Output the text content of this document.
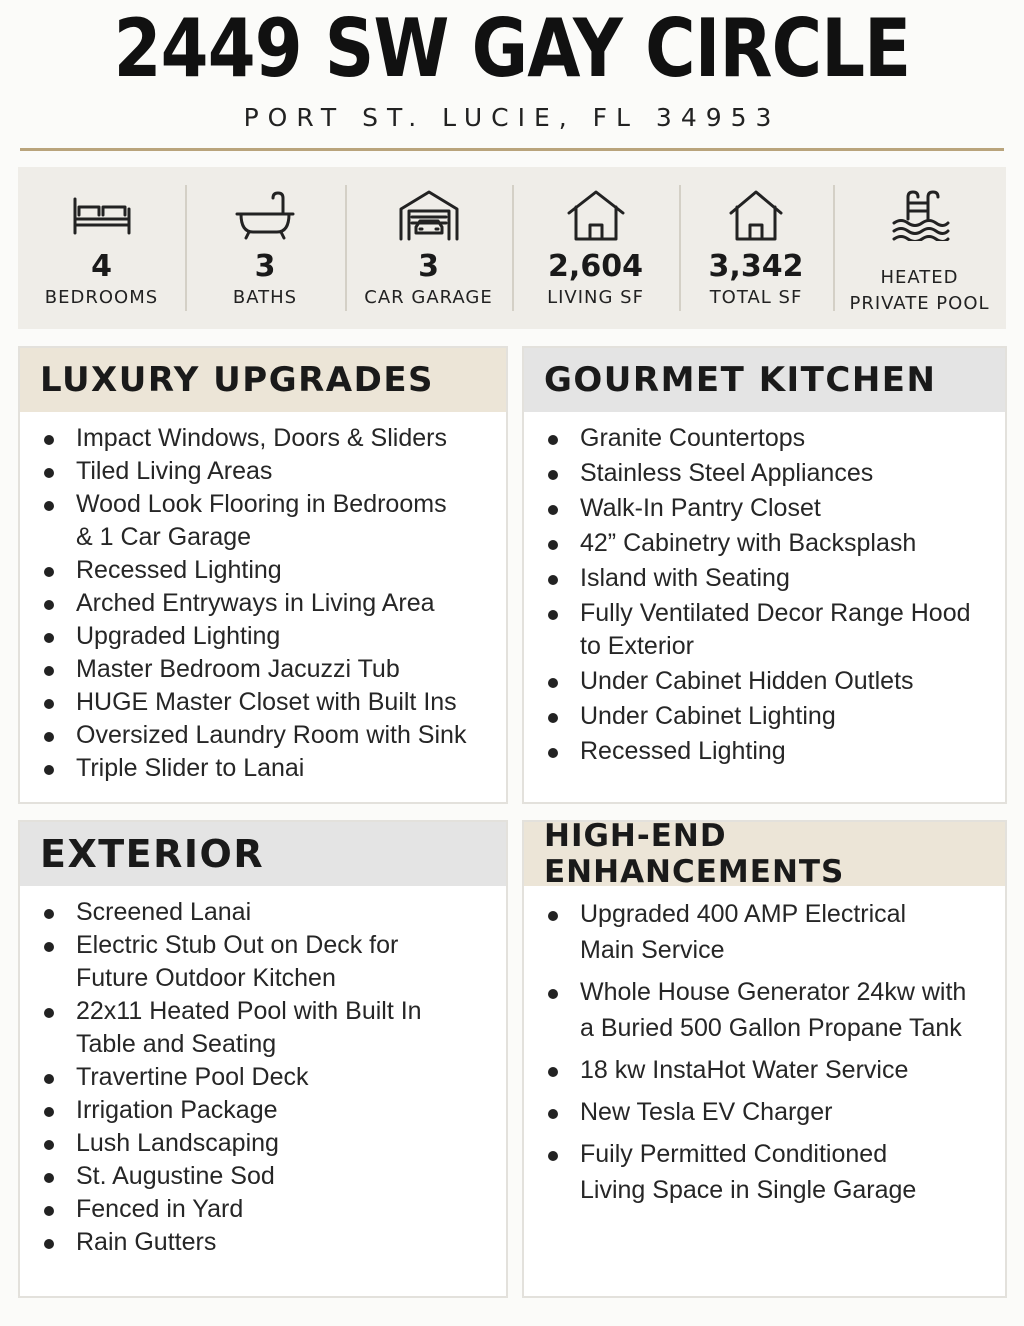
2449 SW GAY CIRCLE
PORT ST. LUCIE, FL 34953
4
BEDROOMS
3
BATHS
3
CAR GARAGE
2,604
LIVING SF
3,342
TOTAL SF
HEATED
PRIVATE POOL
LUXURY UPGRADES
Impact Windows, Doors & Sliders
Tiled Living Areas
Wood Look Flooring in Bedrooms & 1 Car Garage
Recessed Lighting
Arched Entryways in Living Area
Upgraded Lighting
Master Bedroom Jacuzzi Tub
HUGE Master Closet with Built Ins
Oversized Laundry Room with Sink
Triple Slider to Lanai
GOURMET KITCHEN
Granite Countertops
Stainless Steel Appliances
Walk-In Pantry Closet
42” Cabinetry with Backsplash
Island with Seating
Fully Ventilated Decor Range Hood to Exterior
Under Cabinet Hidden Outlets
Under Cabinet Lighting
Recessed Lighting
EXTERIOR
Screened Lanai
Electric Stub Out on Deck for Future Outdoor Kitchen
22x11 Heated Pool with Built In Table and Seating
Travertine Pool Deck
Irrigation Package
Lush Landscaping
St. Augustine Sod
Fenced in Yard
Rain Gutters
HIGH-END ENHANCEMENTS
Upgraded 400 AMP Electrical Main Service
Whole House Generator 24kw with a Buried 500 Gallon Propane Tank
18 kw InstaHot Water Service
New Tesla EV Charger
Fuily Permitted Conditioned Living Space in Single Garage
